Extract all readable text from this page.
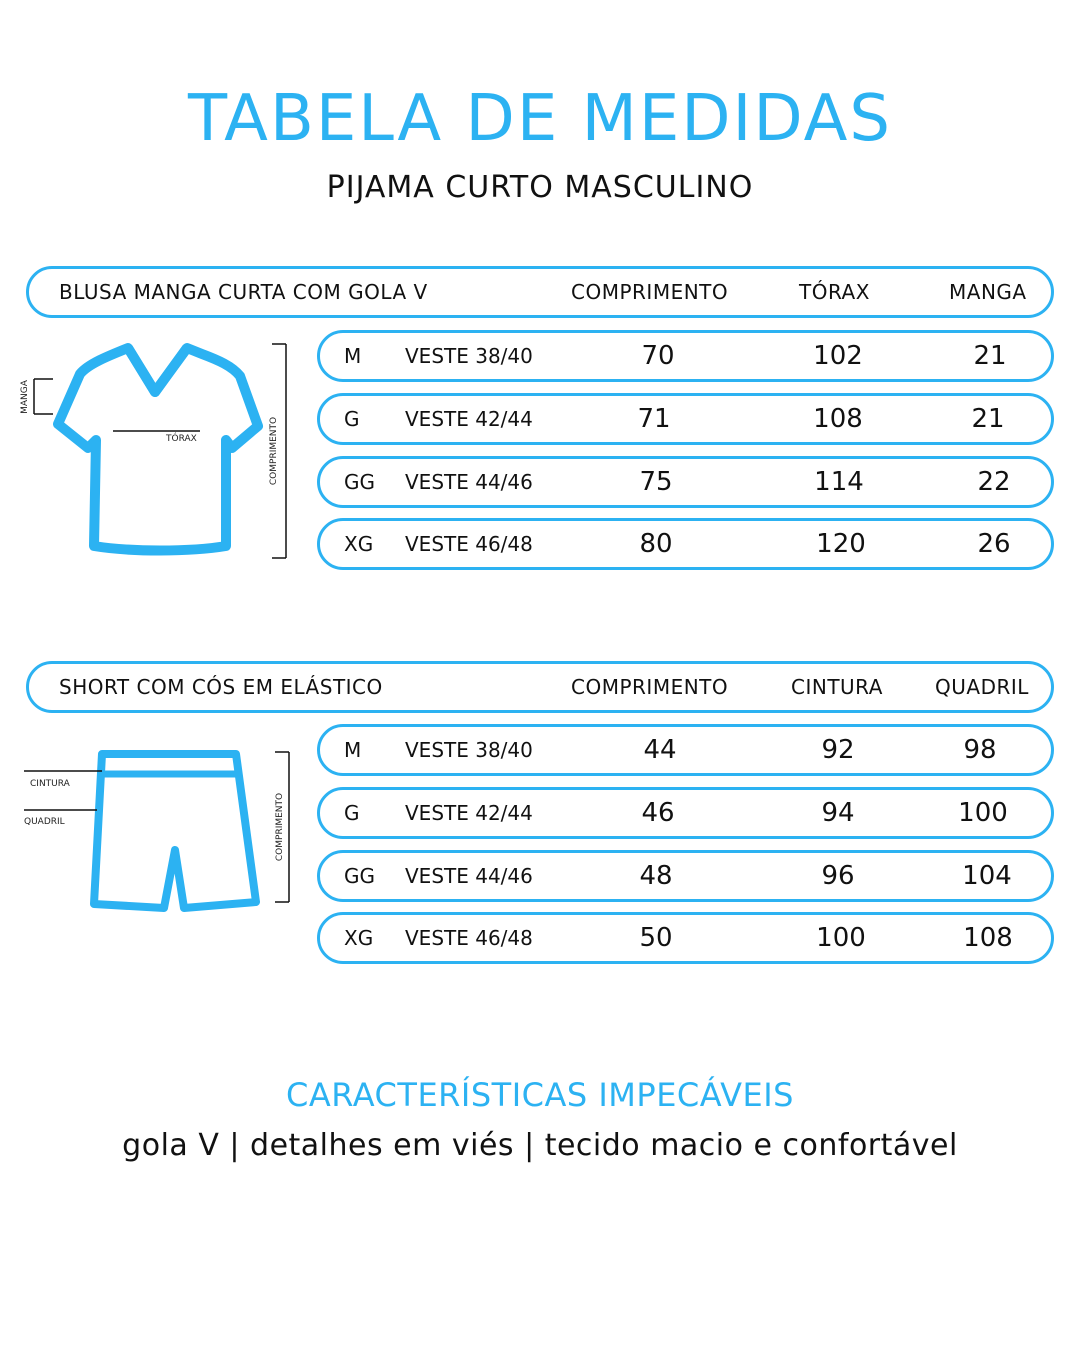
TABELA DE MEDIDAS
PIJAMA CURTO MASCULINO
BLUSA MANGA CURTA COM GOLA V	COMPRIMENTO	TÓRAX	MANGA
M VESTE 38/40	70	102	21
G VESTE 42/44	71	108	21
GG VESTE 44/46	75	114	22
XG VESTE 46/48	80	120	26
MANGA
TÓRAX	COMPRIMENTO
SHORT COM CÓS EM ELÁSTICO	COMPRIMENTO	CINTURA	QUADRIL
M VESTE 38/40	44	92	98
G VESTE 42/44	46	94	100
GG VESTE 44/46	48	96	104
XG VESTE 46/48	50	100	108
CINTURA
QUADRIL	COMPRIMENTO
CARACTERÍSTICAS IMPECÁVEIS
gola V | detalhes em viés | tecido macio e confortável
